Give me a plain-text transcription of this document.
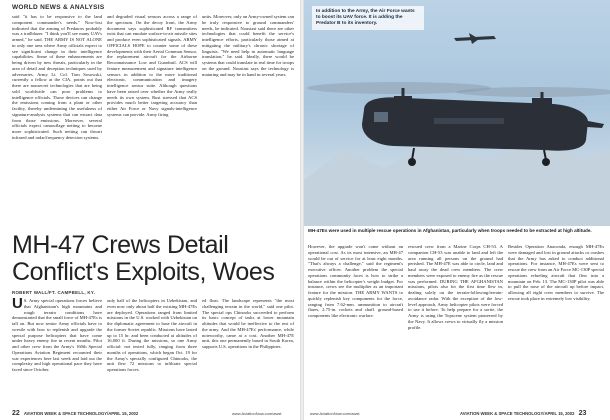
WORLD NEWS & ANALYSIS

said "it has to be responsive to the land component commander's needs." Now-lost indicated that the arming of Predators probably was a trailblazer. "I think you'll see many UAVs armed," he said. THE ARMY IS NOT ALONE in only one area where Army officials expect to see significant change in their intelligence capabilities. Some of these enhancements are being driven by new threats, particularly in the area of detail and deception techniques used by adversaries. Army Lt. Col. Tom Sosowski, currently a fellow at the CIA, points out that there are nonsecret technologies that are being sold worldwide can pose problems to intelligence officials. Those devices can change the emissions coming from a plant or other facility, thereby undermining the usefulness of signature-analysis systems that can extract data from those emissions. Moreover, several officials expect camouflage netting to become more sophisticated. Such netting can thwart infrared and radar/frequency detection systems.

and degraded visual sensors across a range of the spectrum. On the decoy front, the Army document says sophisticated RF transmitters exist that can emulate surface-to-air missile sites and produce even sophisticated signals. ARMY OFFICIALS HOPE to counter some of these developments with their Aerial Common Sensor, the replacement aircraft for the Airborne Reconnaissance Low and Guardrail. ACS will feature measurement and signature intelligence sensors in addition to the more traditional electronic, communication and imagery intelligence sensor suite. Although questions have been raised over whether the Army really needs its own system, Rust stressed that ACS provides much better targeting accuracy than either Air Force or Navy signals-intelligence systems can provide. Army firing

units. Moreover, only an Army-owned system can be truly responsive to ground commanders' needs, he indicated. Nousiast said there are other technologies that could benefit the service's intelligence efforts, particularly those aimed at mitigating the military's chronic shortage of linguists. "We need help in automatic language translation," he said. Ideally, there would be systems that could translate in real time for troops on the ground. Nousiast says the technology is maturing and may be in hand in several years.

MH-47 Crews Detail Conflict's Exploits, Woes
ROBERT WALL/FT. CAMPBELL, KY.
U S. Army special operations forces believe that Afghanistan's high mountains and rough terrain conditions have demonstrated that the small force of MH-47Es is tall on. But now senior Army officials have to wrestle with how to replenish and upgrade the special purpose helicopters that have come under heavy enemy fire in recent months. Pilot and other crew from the Army's 160th Special Operations Aviation Regiment recounted their war experiences here last week and laid out the complexity and high operational pace they have faced since October.

only half of the helicopters in Uzbekistan, and even now only about half the existing MH-47Es are deployed. Operations ranged from limited missions in the U.S. worked with Uzbekistan on the diplomatic agreement to base the aircraft in the former Soviet republic. Missions have lasted up to 15 hr. and been conducted at altitudes of 16,000 ft. During the missions, so one Army official: not tested fully, ranging from three months of operations, which began Oct. 19 for the Army's specially configured Chinooks, the unit flew 72 missions to infiltrate special operations forces.

ed float. The landscape represents "the most challenging terrain in the world," said one pilot. The special ops Chinooks succeeded to perform its basic concept of tasks at lower mountain altitudes that would be ineffective to the rest of the army. And the MH-47Es' performance, while noteworthy, came at a cost. Another MH-47E unit, this one permanently based in South Korea, supports U.S. operations in the Philippines.

In addition to the Army, the Air Force wants to boost its UAV force. It is adding the Predator B to its inventory.
MH-47Es were used in multiple rescue operations in Afghanistan, particularly when troops needed to be extracted at high altitude.

However, the upgrade won't come without an operational cost. As its most intensive, an MH-47 would be out of service for at least eight months. "That's always a challenge," said the regiment's executive officer. Another problem the special operations community faces is how to strike a balance within the helicopter's weight budget. For instance, crews see the multiplier as an important feature for the mission. THE ARMY WANTS to quickly replenish key components for the force, ranging from 7.62-mm. ammunition to aircraft flares, 2.75-in. rockets and chaff. ground-based components like electronic warfare.

rescued crew from a Marine Corps CH-53. A companion CH-53 was unable to land and left the area running all persons on the ground had perished. The MH-47E was able to circle, land and haul away the dead crew members. The crew members were exposed to enemy fire as the rescue was performed. DURING THE AFGHANISTAN missions, pilots also for the first time flew in, dealing solely on the terrain-following/terrain-avoidance radar. With the exception of the low-level approach, Army helicopter pilots were forced to use it before. To help prepare for a sortie, the Army is using the Topscene system pioneered by the Navy. It allows crews to virtually fly a mission profile.

Besides Operation Anaconda, enough MH-47Es were damaged and lost in ground attacks or crashes that the Army has asked to conduct additional operations. For instance, MH-47Es were sent to rescue the crew from an Air Force MC-130P special operations refueling aircraft that flew into a mountain on Feb. 13. The MC-130P pilot was able to pull the nose of the aircraft up before impact, allowing all eight crew members to survive. The rescue took place in extremely low visibility.

22 AVIATION WEEK & SPACE TECHNOLOGY/APRIL 15, 2002	www.AviationNow.com/awst	www.AviationNow.com/awst	AVIATION WEEK & SPACE TECHNOLOGY/APRIL 15, 2002 23
